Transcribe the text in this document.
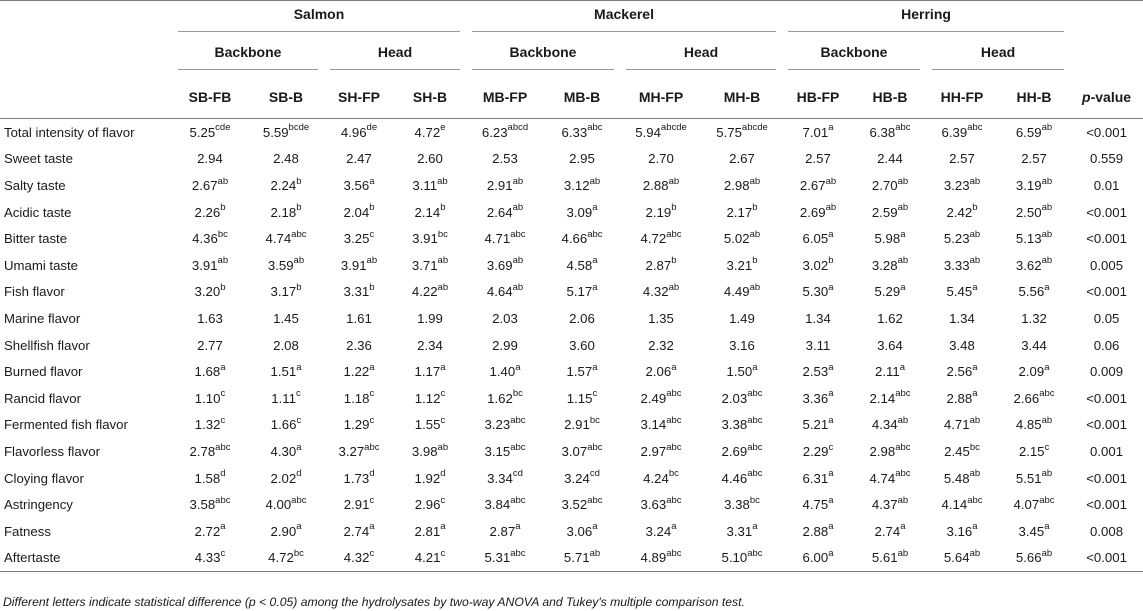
	Salmon				Mackerel				Herring				

	Backbone		Head		Backbone		Head		Backbone		Head		

	SB-FB	SB-B	SH-FP	SH-B	MB-FP	MB-B	MH-FP	MH-B	HB-FP	HB-B	HH-FP	HH-B	p-value
Total intensity of flavor	5.25$^{cde}$	$5.59^{bcde}$	4.96de	4.72e	$6.23^{abcd}$	6.33$^{abc}$	$5.94^{abcde}$	$5.75^{abcde}$	7.01$^a$	6.38$^{abc}$	6.39$^{abc}$	6.59$^{ab}$	<0.001
Sweet taste	2.94	2.48	2.47	2.60	2.53	2.95	2.70	2.67	2.57	2.44	2.57	2.57	0.559
Salty taste	2.67$^{ab}$	2.24$^b$	3.56$^a$	3.11$^{ab}$	2.91$^{ab}$	3.12$^{ab}$	2.88$^{ab}$	2.98$^{ab}$	2.67$^{ab}$	2.70$^{ab}$	3.23$^{ab}$	3.19$^{ab}$	0.01
Acidic taste	2.26$^b$	2.18$^b$	2.04$^b$	2.14$^b$	2.64$^{ab}$	3.09$^a$	2.19$^b$	2.17$^b$	2.69$^{ab}$	2.59$^{ab}$	2.42$^b$	2.50$^{ab}$	<0.001
Bitter taste	4.36$^{bc}$	4.74$^{abc}$	3.25$^c$	3.91$^{bc}$	4.71$^{abc}$	4.66$^{abc}$	4.72$^{abc}$	5.02$^{ab}$	6.05$^a$	5.98$^a$	5.23$^{ab}$	5.13$^{ab}$	<0.001
Umami taste	3.91$^{ab}$	3.59$^{ab}$	3.91$^{ab}$	3.71$^{ab}$	3.69$^{ab}$	4.58$^a$	2.87$^b$	3.21$^b$	3.02$^b$	3.28$^{ab}$	3.33$^{ab}$	3.62$^{ab}$	0.005
Fish flavor	3.20$^b$	3.17$^b$	3.31$^b$	4.22$^{ab}$	4.64$^{ab}$	5.17$^a$	4.32$^{ab}$	4.49$^{ab}$	5.30$^a$	5.29$^a$	5.45$^a$	5.56$^a$	<0.001
Marine flavor	1.63	1.45	1.61	1.99	2.03	2.06	1.35	1.49	1.34	1.62	1.34	1.32	0.05
Shellfish flavor	2.77	2.08	2.36	2.34	2.99	3.60	2.32	3.16	3.11	3.64	3.48	3.44	0.06
Burned flavor	1.68$^a$	1.51$^a$	1.22$^a$	1.17$^a$	1.40$^a$	1.57$^a$	2.06$^a$	1.50$^a$	2.53$^a$	2.11$^a$	2.56$^a$	2.09$^a$	0.009
Rancid flavor	1.10$^c$	1.11$^c$	1.18$^c$	1.12$^c$	1.62$^{bc}$	1.15$^c$	2.49$^{abc}$	2.03$^{abc}$	3.36$^a$	2.14$^{abc}$	2.88$^a$	2.66$^{abc}$	<0.001
Fermented fish flavor	1.32$^c$	1.66$^c$	1.29$^c$	1.55$^c$	3.23$^{abc}$	2.91$^{bc}$	3.14$^{abc}$	3.38$^{abc}$	5.21$^a$	4.34$^{ab}$	4.71$^{ab}$	4.85$^{ab}$	<0.001
Flavorless flavor	2.78$^{abc}$	4.30$^a$	3.27$^{abc}$	3.98$^{ab}$	3.15$^{abc}$	3.07$^{abc}$	2.97$^{abc}$	2.69$^{abc}$	2.29$^c$	2.98$^{abc}$	2.45$^{bc}$	2.15$^c$	0.001
Cloying flavor	1.58$^d$	2.02$^d$	1.73$^d$	1.92$^d$	3.34$^{cd}$	3.24$^{cd}$	4.24$^{bc}$	4.46$^{abc}$	6.31$^a$	4.74$^{abc}$	5.48$^{ab}$	5.51$^{ab}$	<0.001
Astringency	3.58$^{abc}$	4.00$^{abc}$	2.91$^c$	2.96$^c$	3.84$^{abc}$	3.52$^{abc}$	3.63$^{abc}$	3.38$^{bc}$	4.75$^a$	4.37$^{ab}$	4.14$^{abc}$	4.07$^{abc}$	<0.001
Fatness	2.72$^a$	2.90$^a$	2.74$^a$	2.81$^a$	2.87$^a$	3.06$^a$	3.24$^a$	3.31$^a$	2.88$^a$	2.74$^a$	3.16$^a$	3.45$^a$	0.008
Aftertaste	4.33$^c$	4.72$^{bc}$	4.32$^c$	4.21$^c$	5.31$^{abc}$	5.71$^{ab}$	4.89$^{abc}$	5.10$^{abc}$	6.00$^a$	5.61$^{ab}$	5.64$^{ab}$	5.66$^{ab}$	<0.001
Different letters indicate statistical difference (p < 0.05) among the hydrolysates by two-way ANOVA and Tukey's multiple comparison test.
